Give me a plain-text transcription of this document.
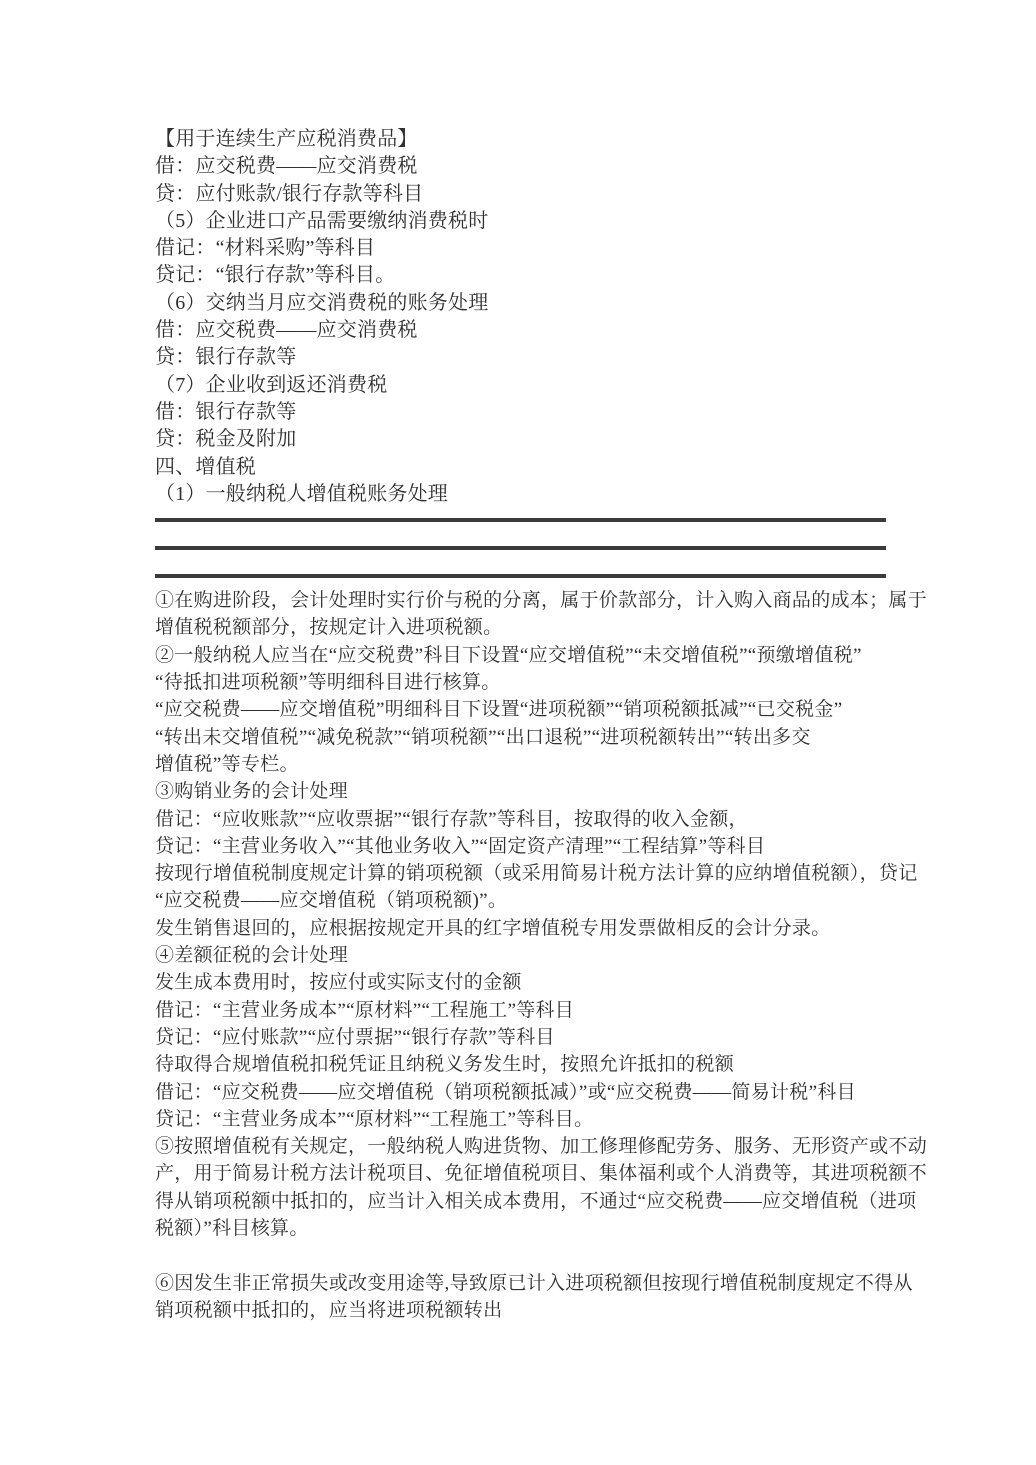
【用于连续生产应税消费品】
借：应交税费——应交消费税
贷：应付账款/银行存款等科目
（5）企业进口产品需要缴纳消费税时
借记：“材料采购”等科目
贷记：“银行存款”等科目。
（6）交纳当月应交消费税的账务处理
借：应交税费——应交消费税
贷：银行存款等
（7）企业收到返还消费税
借：银行存款等
贷：税金及附加
四、增值税
（1）一般纳税人增值税账务处理
①在购进阶段，会计处理时实行价与税的分离，属于价款部分，计入购入商品的成本；属于
增值税税额部分，按规定计入进项税额。
②一般纳税人应当在“应交税费”科目下设置“应交增值税”“未交增值税”“预缴增值税”
“待抵扣进项税额”等明细科目进行核算。
“应交税费——应交增值税”明细科目下设置“进项税额”“销项税额抵减”“已交税金”
“转出未交增值税”“减免税款”“销项税额”“出口退税”“进项税额转出”“转出多交
增值税”等专栏。
③购销业务的会计处理
借记：“应收账款”“应收票据”“银行存款”等科目，按取得的收入金额，
贷记：“主营业务收入”“其他业务收入”“固定资产清理”“工程结算”等科目
按现行增值税制度规定计算的销项税额（或采用简易计税方法计算的应纳增值税额），贷记
“应交税费——应交增值税（销项税额)”。
发生销售退回的，应根据按规定开具的红字增值税专用发票做相反的会计分录。
④差额征税的会计处理
发生成本费用时，按应付或实际支付的金额
借记：“主营业务成本”“原材料”“工程施工”等科目
贷记：“应付账款”“应付票据”“银行存款”等科目
待取得合规增值税扣税凭证且纳税义务发生时，按照允许抵扣的税额
借记：“应交税费——应交增值税（销项税额抵减）”或“应交税费——简易计税”科目
贷记：“主营业务成本”“原材料”“工程施工”等科目。
⑤按照增值税有关规定，一般纳税人购进货物、加工修理修配劳务、服务、无形资产或不动
产，用于简易计税方法计税项目、免征增值税项目、集体福利或个人消费等，其进项税额不
得从销项税额中抵扣的，应当计入相关成本费用，不通过“应交税费——应交增值税（进项
税额）”科目核算。
⑥因发生非正常损失或改变用途等,导致原已计入进项税额但按现行增值税制度规定不得从
销项税额中抵扣的，应当将进项税额转出
